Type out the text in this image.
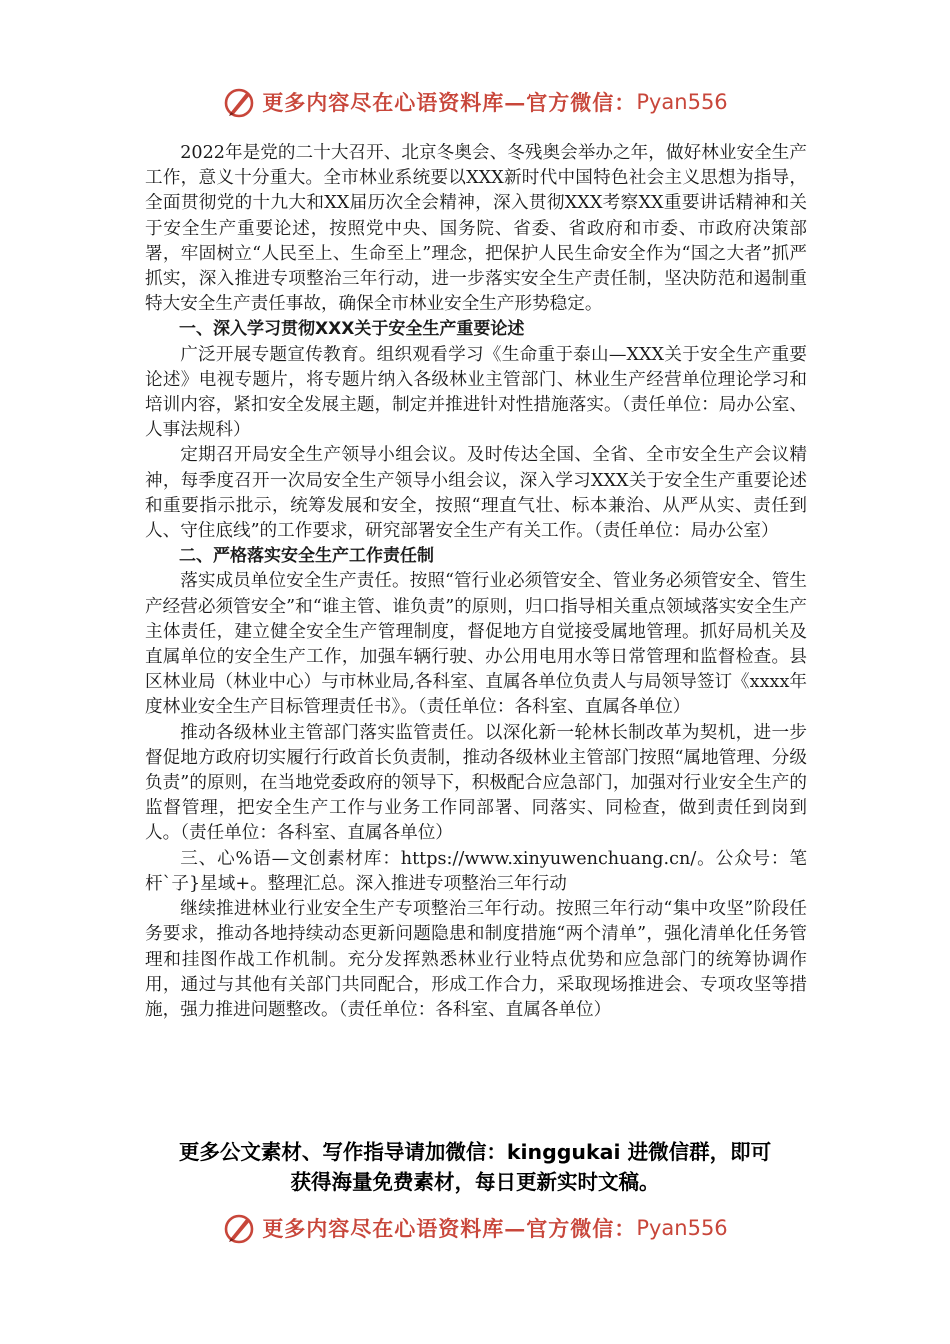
更多内容尽在心语资料库—官方微信： Pyan556

2022年是党的二十大召开、北京冬奥会、冬残奥会举办之年，做好林业安全生产工作，意义十分重大。全市林业系统要以XXX新时代中国特色社会主义思想为指导，全面贯彻党的十九大和XX届历次全会精神，深入贯彻XXX考察XX重要讲话精神和关于安全生产重要论述，按照党中央、国务院、省委、省政府和市委、市政府决策部署，牢固树立“人民至上、生命至上”理念，把保护人民生命安全作为“国之大者”抓严抓实，深入推进专项整治三年行动，进一步落实安全生产责任制，坚决防范和遏制重特大安全生产责任事故，确保全市林业安全生产形势稳定。

一、深入学习贯彻XXX关于安全生产重要论述

广泛开展专题宣传教育。组织观看学习《生命重于泰山—XXX关于安全生产重要论述》电视专题片，将专题片纳入各级林业主管部门、林业生产经营单位理论学习和培训内容，紧扣安全发展主题，制定并推进针对性措施落实。（责任单位：局办公室、人事法规科）

定期召开局安全生产领导小组会议。及时传达全国、全省、全市安全生产会议精神，每季度召开一次局安全生产领导小组会议，深入学习XXX关于安全生产重要论述和重要指示批示，统筹发展和安全，按照“理直气壮、标本兼治、从严从实、责任到人、守住底线”的工作要求，研究部署安全生产有关工作。（责任单位：局办公室）

二、严格落实安全生产工作责任制

落实成员单位安全生产责任。按照“管行业必须管安全、管业务必须管安全、管生产经营必须管安全”和“谁主管、谁负责”的原则，归口指导相关重点领域落实安全生产主体责任，建立健全安全生产管理制度，督促地方自觉接受属地管理。抓好局机关及直属单位的安全生产工作，加强车辆行驶、办公用电用水等日常管理和监督检查。县区林业局（林业中心）与市林业局,各科室、直属各单位负责人与局领导签订《xxxx年度林业安全生产目标管理责任书》。（责任单位：各科室、直属各单位）

推动各级林业主管部门落实监管责任。以深化新一轮林长制改革为契机，进一步督促地方政府切实履行行政首长负责制，推动各级林业主管部门按照“属地管理、分级负责”的原则，在当地党委政府的领导下，积极配合应急部门，加强对行业安全生产的监督管理，把安全生产工作与业务工作同部署、同落实、同检查，做到责任到岗到人。（责任单位：各科室、直属各单位）

三、心%语—文创素材库：https://www.xinyuwenchuang.cn/。公众号：笔杆`子}星域+。整理汇总。深入推进专项整治三年行动

继续推进林业行业安全生产专项整治三年行动。按照三年行动“集中攻坚”阶段任务要求，推动各地持续动态更新问题隐患和制度措施“两个清单”，强化清单化任务管理和挂图作战工作机制。充分发挥熟悉林业行业特点优势和应急部门的统筹协调作用，通过与其他有关部门共同配合，形成工作合力，采取现场推进会、专项攻坚等措施，强力推进问题整改。（责任单位：各科室、直属各单位）

更多公文素材、写作指导请加微信：kinggukai 进微信群，即可
获得海量免费素材，每日更新实时文稿。
更多内容尽在心语资料库—官方微信： Pyan556
